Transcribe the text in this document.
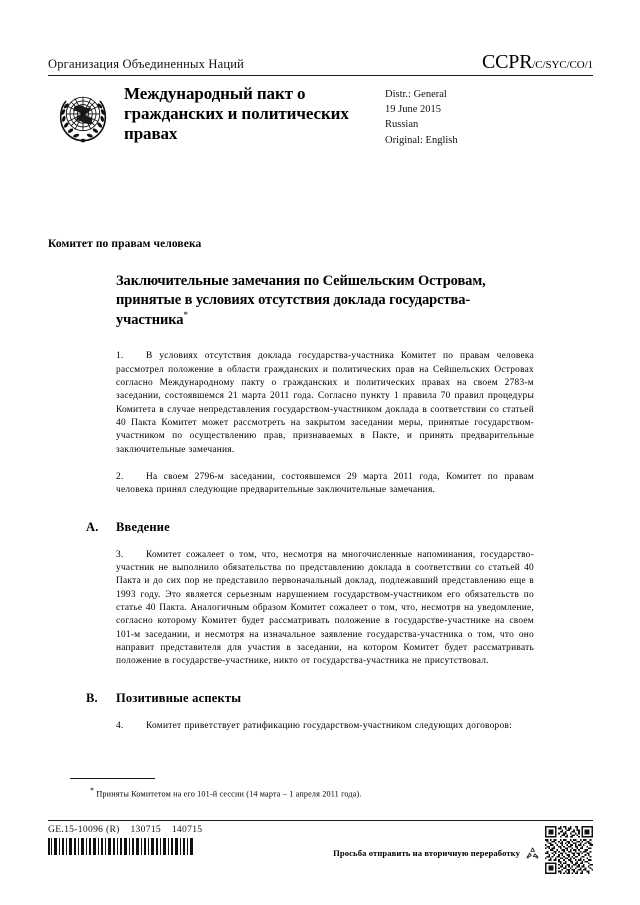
Организация Объединенных Наций	CCPR/C/SYC/CO/1
Международный пакт о гражданских и политических правах
Distr.: General
19 June 2015
Russian
Original: English
Комитет по правам человека
Заключительные замечания по Сейшельским Островам, принятые в условиях отсутствия доклада государства-участника*
1. В условиях отсутствия доклада государства-участника Комитет по правам человека рассмотрел положение в области гражданских и политических прав на Сейшельских Островах согласно Международному пакту о гражданских и политических правах на своем 2783-м заседании, состоявшемся 21 марта 2011 года. Согласно пункту 1 правила 70 правил процедуры Комитета в случае непредставления государством-участником доклада в соответствии со статьей 40 Пакта Комитет может рассмотреть на закрытом заседании меры, принятые государством-участником по осуществлению прав, признаваемых в Пакте, и принять предварительные заключительные замечания.
2. На своем 2796-м заседании, состоявшемся 29 марта 2011 года, Комитет по правам человека принял следующие предварительные заключительные замечания.
A. Введение
3. Комитет сожалеет о том, что, несмотря на многочисленные напоминания, государство-участник не выполнило обязательства по представлению доклада в соответствии со статьей 40 Пакта и до сих пор не представило первоначальный доклад, подлежавший представлению еще в 1993 году. Это является серьезным нарушением государством-участником его обязательств по статье 40 Пакта. Аналогичным образом Комитет сожалеет о том, что, несмотря на уведомление, согласно которому Комитет будет рассматривать положение в государстве-участнике на своем 101-м заседании, и несмотря на изначальное заявление государства-участника о том, что оно направит представителя для участия в заседании, на котором Комитет будет рассматривать положение в государстве-участнике, никто от государства-участника не присутствовал.
B. Позитивные аспекты
4. Комитет приветствует ратификацию государством-участником следующих договоров:
* Приняты Комитетом на его 101-й сессии (14 марта – 1 апреля 2011 года).
GE.15-10096 (R)    130715    140715
Просьба отправить на вторичную переработку
